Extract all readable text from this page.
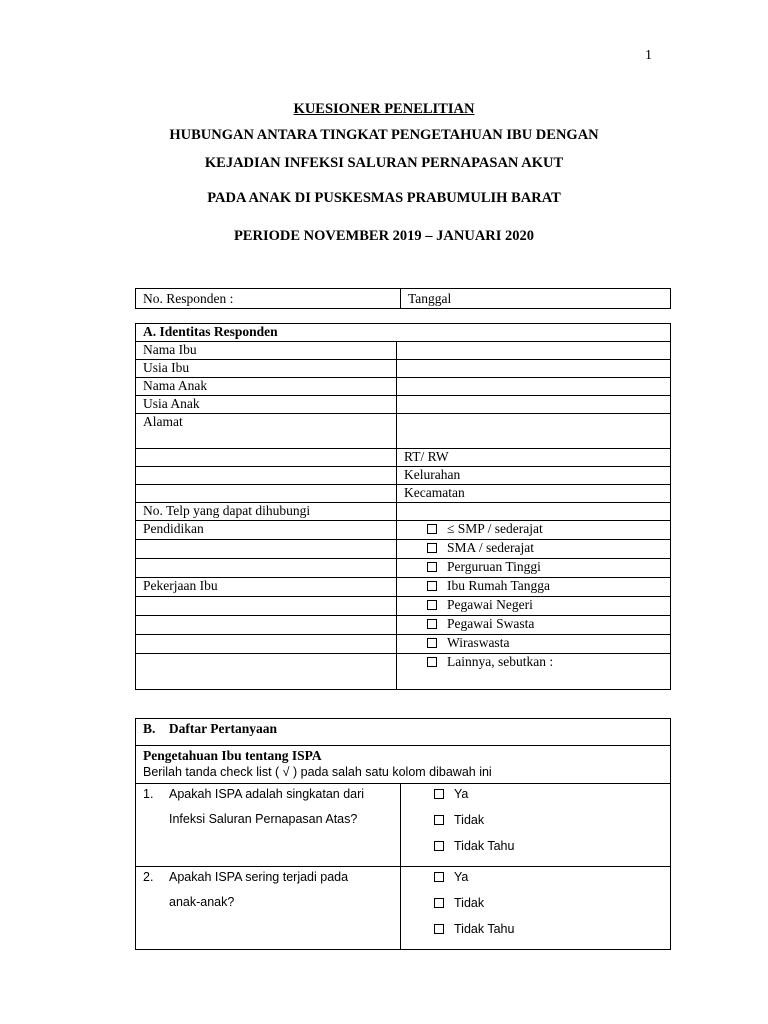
1
KUESIONER PENELITIAN
HUBUNGAN ANTARA TINGKAT PENGETAHUAN IBU DENGAN
KEJADIAN INFEKSI SALURAN PERNAPASAN AKUT
PADA ANAK DI PUSKESMAS PRABUMULIH BARAT
PERIODE NOVEMBER 2019 – JANUARI 2020
No. Responden :	Tanggal
A. Identitas Responden	
Nama Ibu	
Usia Ibu	
Nama Anak	
Usia Anak	
Alamat	
	RT/ RW
	Kelurahan
	Kecamatan
No. Telp yang dapat dihubungi	
Pendidikan	≤ SMP / sederajat
	SMA / sederajat
	Perguruan Tinggi
Pekerjaan Ibu	Ibu Rumah Tangga
	Pegawai Negeri
	Pegawai Swasta
	Wiraswasta
	Lainnya, sebutkan :
B.    Daftar Pertanyaan	

Pengetahuan Ibu tentang ISPA
Berilah tanda check list ( √ ) pada salah satu kolom dibawah ini	

1. Apakah ISPA adalah singkatan dari
Infeksi Saluran Pernapasan Atas?	Ya
Tidak
Tidak Tahu

2. Apakah ISPA sering terjadi pada
anak-anak?	Ya
Tidak
Tidak Tahu
